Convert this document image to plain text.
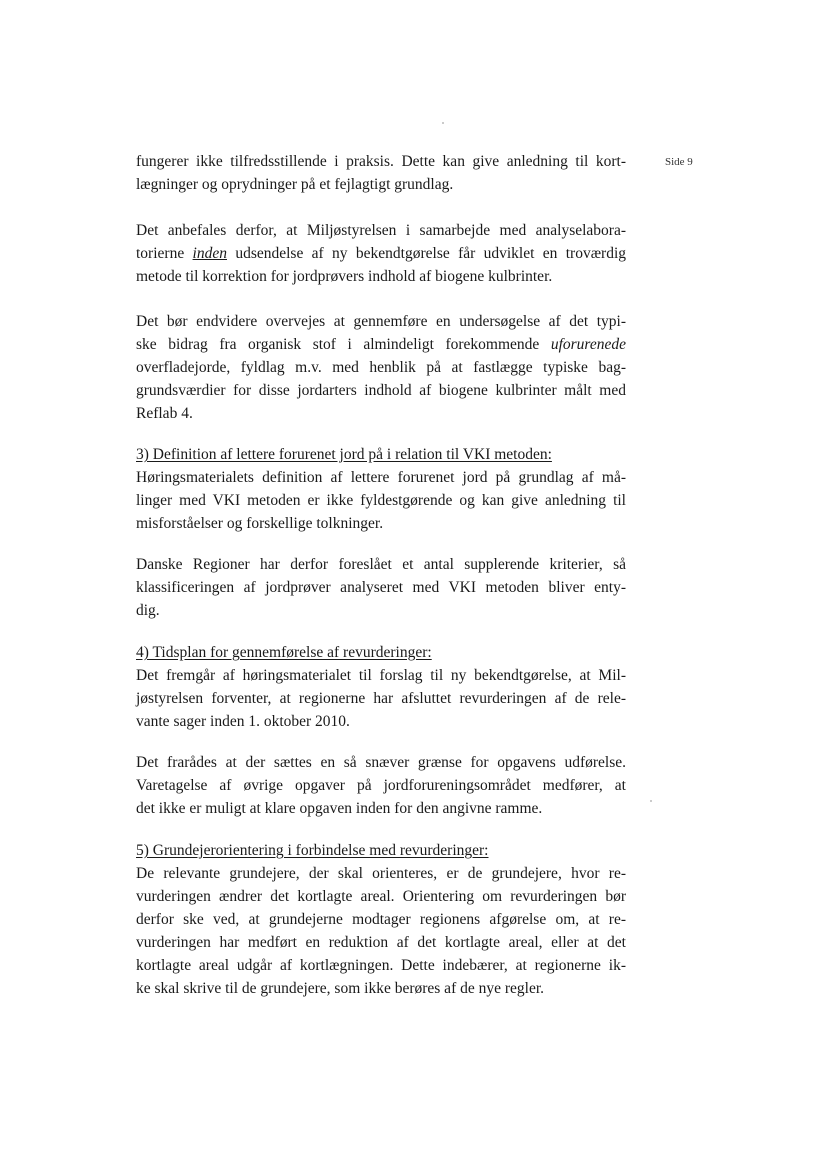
Side 9
fungerer ikke tilfredsstillende i praksis. Dette kan give anledning til kort-
lægninger og oprydninger på et fejlagtigt grundlag.
Det anbefales derfor, at Miljøstyrelsen i samarbejde med analyselabora-
torierne inden udsendelse af ny bekendtgørelse får udviklet en troværdig
metode til korrektion for jordprøvers indhold af biogene kulbrinter.
Det bør endvidere overvejes at gennemføre en undersøgelse af det typi-
ske bidrag fra organisk stof i almindeligt forekommende uforurenede
overfladejorde, fyldlag m.v. med henblik på at fastlægge typiske bag-
grundsværdier for disse jordarters indhold af biogene kulbrinter målt med
Reflab 4.
3) Definition af lettere forurenet jord på i relation til VKI metoden:
Høringsmaterialets definition af lettere forurenet jord på grundlag af må-
linger med VKI metoden er ikke fyldestgørende og kan give anledning til
misforståelser og forskellige tolkninger.
Danske Regioner har derfor foreslået et antal supplerende kriterier, så
klassificeringen af jordprøver analyseret med VKI metoden bliver enty-
dig.
4) Tidsplan for gennemførelse af revurderinger:
Det fremgår af høringsmaterialet til forslag til ny bekendtgørelse, at Mil-
jøstyrelsen forventer, at regionerne har afsluttet revurderingen af de rele-
vante sager inden 1. oktober 2010.
Det frarådes at der sættes en så snæver grænse for opgavens udførelse.
Varetagelse af øvrige opgaver på jordforureningsområdet medfører, at
det ikke er muligt at klare opgaven inden for den angivne ramme.
5) Grundejerorientering i forbindelse med revurderinger:
De relevante grundejere, der skal orienteres, er de grundejere, hvor re-
vurderingen ændrer det kortlagte areal. Orientering om revurderingen bør
derfor ske ved, at grundejerne modtager regionens afgørelse om, at re-
vurderingen har medført en reduktion af det kortlagte areal, eller at det
kortlagte areal udgår af kortlægningen. Dette indebærer, at regionerne ik-
ke skal skrive til de grundejere, som ikke berøres af de nye regler.
